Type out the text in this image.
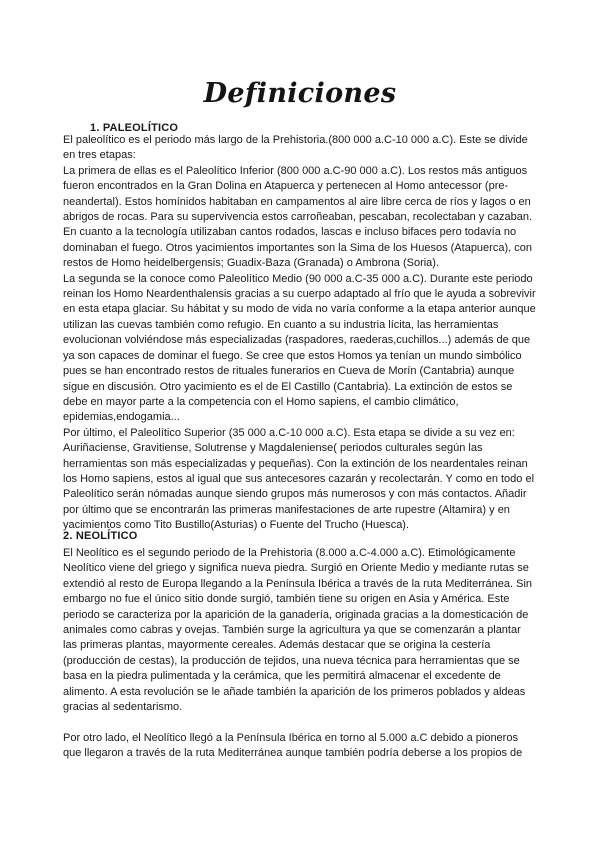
Definiciones
1. PALEOLÍTICO

El paleolítico es el periodo más largo de la Prehistoria.(800 000 a.C-10 000 a.C). Este se divide en tres etapas:

La primera de ellas es el Paleolítico Inferior (800 000 a.C-90 000 a.C). Los restos más antiguos fueron encontrados en la Gran Dolina en Atapuerca y pertenecen al Homo antecessor (pre-neandertal). Estos homínidos habitaban en campamentos al aire libre cerca de ríos y lagos o en abrigos de rocas. Para su supervivencia estos carroñeaban, pescaban, recolectaban y cazaban. En cuanto a la tecnología utilizaban cantos rodados, lascas e incluso bifaces pero todavía no dominaban el fuego. Otros yacimientos importantes son la Sima de los Huesos (Atapuerca), con restos de Homo heidelbergensis; Guadix-Baza (Granada) o Ambrona (Soria).

La segunda se la conoce como Paleolítico Medio (90 000 a.C-35 000 a.C). Durante este periodo reinan los Homo Neardenthalensis gracias a su cuerpo adaptado al frío que le ayuda a sobrevivir en esta etapa glaciar. Su hábitat y su modo de vida no varía conforme a la etapa anterior aunque utilizan las cuevas también como refugio. En cuanto a su industria lícita, las herramientas evolucionan volviéndose más especializadas (raspadores, raederas,cuchillos...) además de que ya son capaces de dominar el fuego. Se cree que estos Homos ya tenían un mundo simbólico pues se han encontrado restos de rituales funerarios en Cueva de Morín (Cantabria) aunque sigue en discusión. Otro yacimiento es el de El Castillo (Cantabria). La extinción de estos se debe en mayor parte a la competencia con el Homo sapiens, el cambio climático, epidemias,endogamia...

Por último, el Paleolítico Superior (35 000 a.C-10 000 a.C). Esta etapa se divide a su vez en: Auriñaciense, Gravitiense, Solutrense y Magdaleniense( periodos culturales según las herramientas son más especializadas y pequeñas). Con la extinción de los neardentales reinan los Homo sapiens, estos al igual que sus antecesores cazarán y recolectarán. Y como en todo el Paleolítico serán nómadas aunque siendo grupos más numerosos y con más contactos. Añadir por último que se encontrarán las primeras manifestaciones de arte rupestre (Altamira) y en yacimientos como Tito Bustillo(Asturias) o Fuente del Trucho (Huesca).

2. NEOLÍTICO

El Neolítico es el segundo periodo de la Prehistoria (8.000 a.C-4.000 a.C). Etimológicamente Neolítico viene del griego y significa nueva piedra. Surgió en Oriente Medio y mediante rutas se extendió al resto de Europa llegando a la Península Ibérica a través de la ruta Mediterránea. Sin embargo no fue el único sitio donde surgió, también tiene su origen en Asia y América. Este periodo se caracteriza por la aparición de la ganadería, originada gracias a la domesticación de animales como cabras y ovejas. También surge la agricultura ya que se comenzarán a plantar las primeras plantas, mayormente cereales. Además destacar que se origina la cestería (producción de cestas), la producción de tejidos, una nueva técnica para herramientas que se basa en la piedra pulimentada y la cerámica, que les permitirá almacenar el excedente de alimento. A esta revolución se le añade también la aparición de los primeros poblados y aldeas gracias al sedentarismo.

Por otro lado, el Neolítico llegó a la Península Ibérica en torno al 5.000 a.C debido a pioneros que llegaron a través de la ruta Mediterránea aunque también podría deberse a los propios de
